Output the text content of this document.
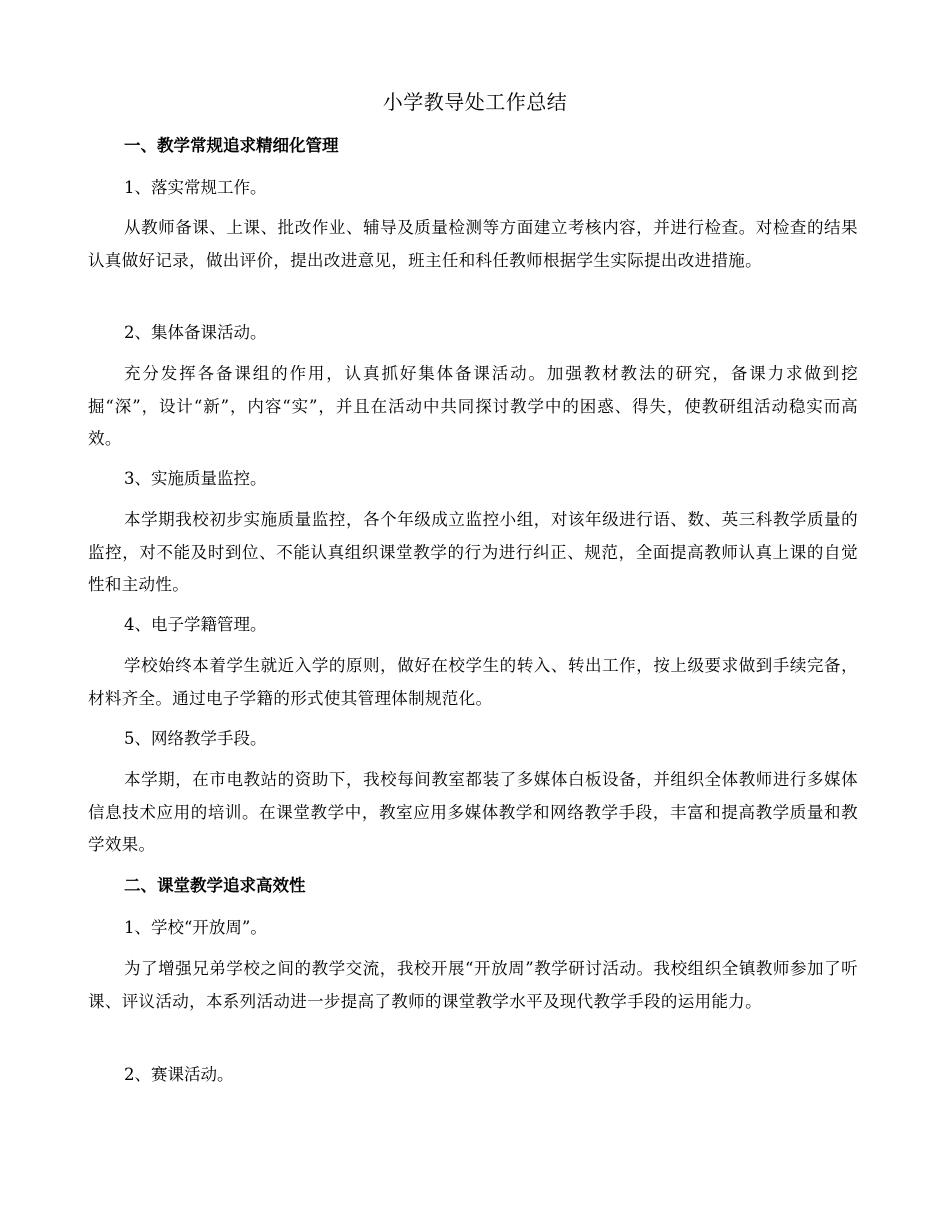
小学教导处工作总结
一、教学常规追求精细化管理
1、落实常规工作。
从教师备课、上课、批改作业、辅导及质量检测等方面建立考核内容，并进行检查。对检查的结果认真做好记录，做出评价，提出改进意见，班主任和科任教师根据学生实际提出改进措施。
2、集体备课活动。
充分发挥各备课组的作用，认真抓好集体备课活动。加强教材教法的研究，备课力求做到挖掘“深”，设计“新”，内容“实”，并且在活动中共同探讨教学中的困惑、得失，使教研组活动稳实而高效。
3、实施质量监控。
本学期我校初步实施质量监控，各个年级成立监控小组，对该年级进行语、数、英三科教学质量的监控，对不能及时到位、不能认真组织课堂教学的行为进行纠正、规范，全面提高教师认真上课的自觉性和主动性。
4、电子学籍管理。
学校始终本着学生就近入学的原则，做好在校学生的转入、转出工作，按上级要求做到手续完备，材料齐全。通过电子学籍的形式使其管理体制规范化。
5、网络教学手段。
本学期，在市电教站的资助下，我校每间教室都装了多媒体白板设备，并组织全体教师进行多媒体信息技术应用的培训。在课堂教学中，教室应用多媒体教学和网络教学手段，丰富和提高教学质量和教学效果。
二、课堂教学追求高效性
1、学校“开放周”。
为了增强兄弟学校之间的教学交流，我校开展“开放周”教学研讨活动。我校组织全镇教师参加了听课、评议活动，本系列活动进一步提高了教师的课堂教学水平及现代教学手段的运用能力。
2、赛课活动。
